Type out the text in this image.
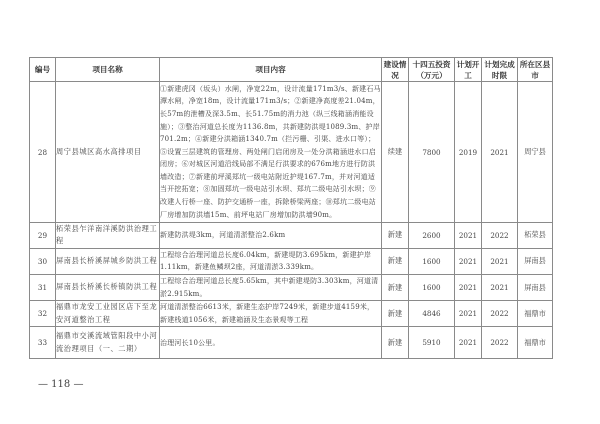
编号	项目名称	项目内容	建设情况	十四五投资（万元）	计划开工	计划完成时限	所在区县市
28	周宁县城区高水高排项目	①新建虎冈（坂头）水闸，净宽22m，设计流量171m3/s、新建石马潭水闸，净宽18m，设计流量171m3/s；②新建净高度差21.04m，长57m的泄槽及深3.5m、长51.75m的消力池（纵三线箱涵消能设施）；③整治河道总长度为1136.8m，共新建防洪堤1089.3m、护岸701.2m；④新建分洪箱涵1340.7m（拦污栅、引渠、进水口等）；⑤设置三层建筑的管理房、两处闸门启闭房及一处分洪箱涵进水口启闭房；⑥对城区河道沿线局部不满足行洪要求的676m地方进行防洪墙改造；⑦新建前坪溪郑坑一级电站附近护堤167.7m，并对河道适当开挖拓宽；⑧加固郑坑一级电站引水坝、郑坑二级电站引水坝；⑨改建人行桥一座、防护交通桥一座，拆除桥梁两座；⑩郑坑二级电站厂房增加防洪墙15m、前坪电站厂房增加防洪墙90m。	续建	7800	2019	2021	周宁县
29	柘荣县乍洋南洋溪防洪治理工程	新建防洪堤3km，河道清淤整治2.6km	新建	2600	2021	2022	柘荣县
30	屏南县长桥溪屏城乡防洪工程	工程综合治理河道总长度6.04km，新建堤防3.695km，新建护岸1.11km，新建鱼鳞坝2座，河道清淤3.339km。	新建	1600	2021	2021	屏南县
31	屏南县长桥溪长桥镇防洪工程	工程综合治理河道总长度5.65km，其中新建堤防3.303km，河道清淤2.915km。	新建	1600	2021	2021	屏南县
32	福鼎市龙安工业园区店下至龙安河道整治工程	河道清淤整治6613米，新建生态护岸7249米，新建步道4159米，新建栈道1056米，新建箱涵及生态景观等工程	新建	4846	2021	2022	福鼎市
33	福鼎市交溪流域管阳段中小河流治理项目（一、二期）	治理河长10公里。	新建	5910	2021	2022	福鼎市
— 118 —
